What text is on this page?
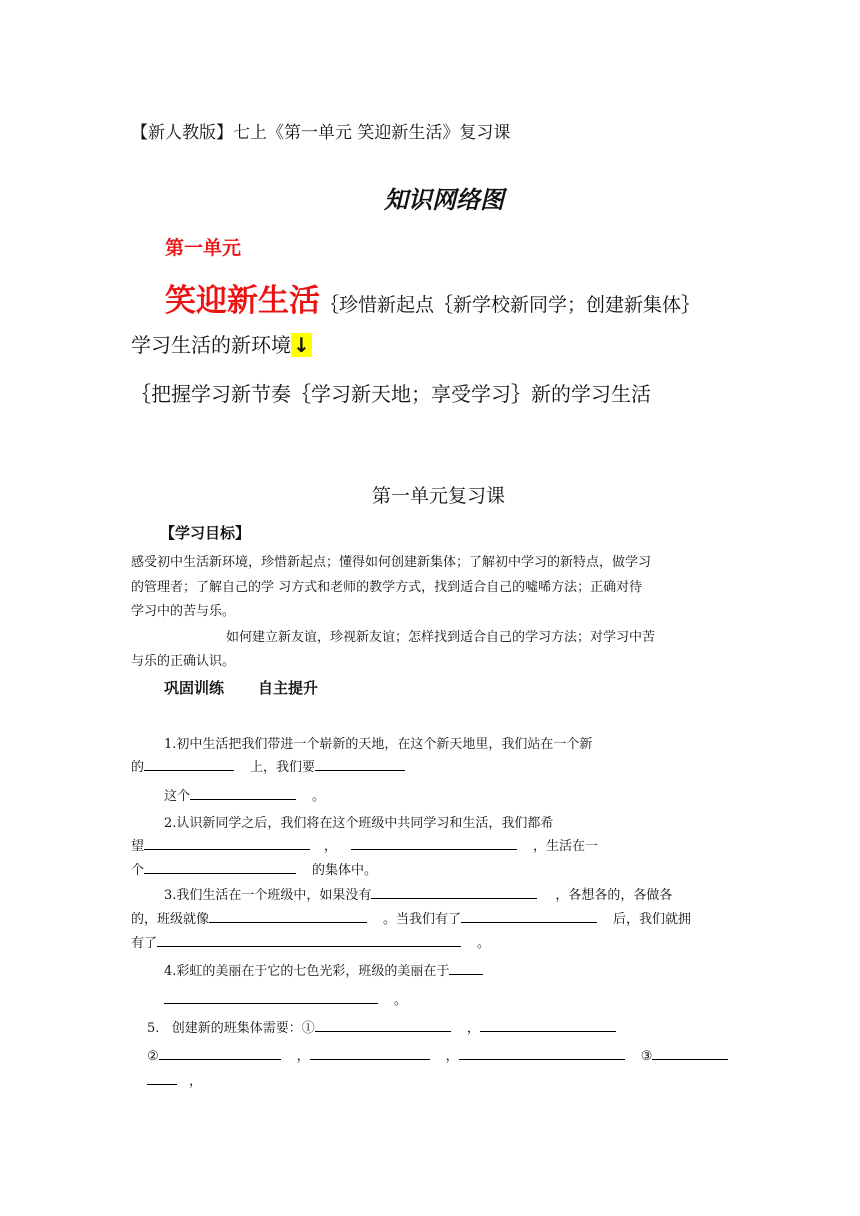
【新人教版】七上《第一单元 笑迎新生活》复习课
知识网络图
第一单元
笑迎新生活｛珍惜新起点｛新学校新同学；创建新集体｝
学习生活的新环境 ↓
｛把握学习新节奏｛学习新天地；享受学习｝新的学习生活
第一单元复习课
【学习目标】
感受初中生活新环境，珍惜新起点；懂得如何创建新集体；了解初中学习的新特点，做学习
的管理者；了解自己的学 习方式和老师的教学方式，找到适合自己的噓唏方法；正确对待
学习中的苦与乐。
如何建立新友谊，珍视新友谊；怎样找到适合自己的学习方法；对学习中苦
与乐的正确认识。
巩固训练 自主提升
1.初中生活把我们带进一个崭新的天地，在这个新天地里，我们站在一个新
的	上，我们要
这个	。
2.认识新同学之后，我们将在这个班级中共同学习和生活，我们都希
望	，	，生活在一
个	的集体中。
3.我们生活在一个班级中，如果没有	，各想各的，各做各
的，班级就像	。当我们有了	后，我们就拥
有了	。
4.彩虹的美丽在于它的七色光彩，班级的美丽在于
。
5.   创建新的班集体需要：①	，
②	，	，	③
，
